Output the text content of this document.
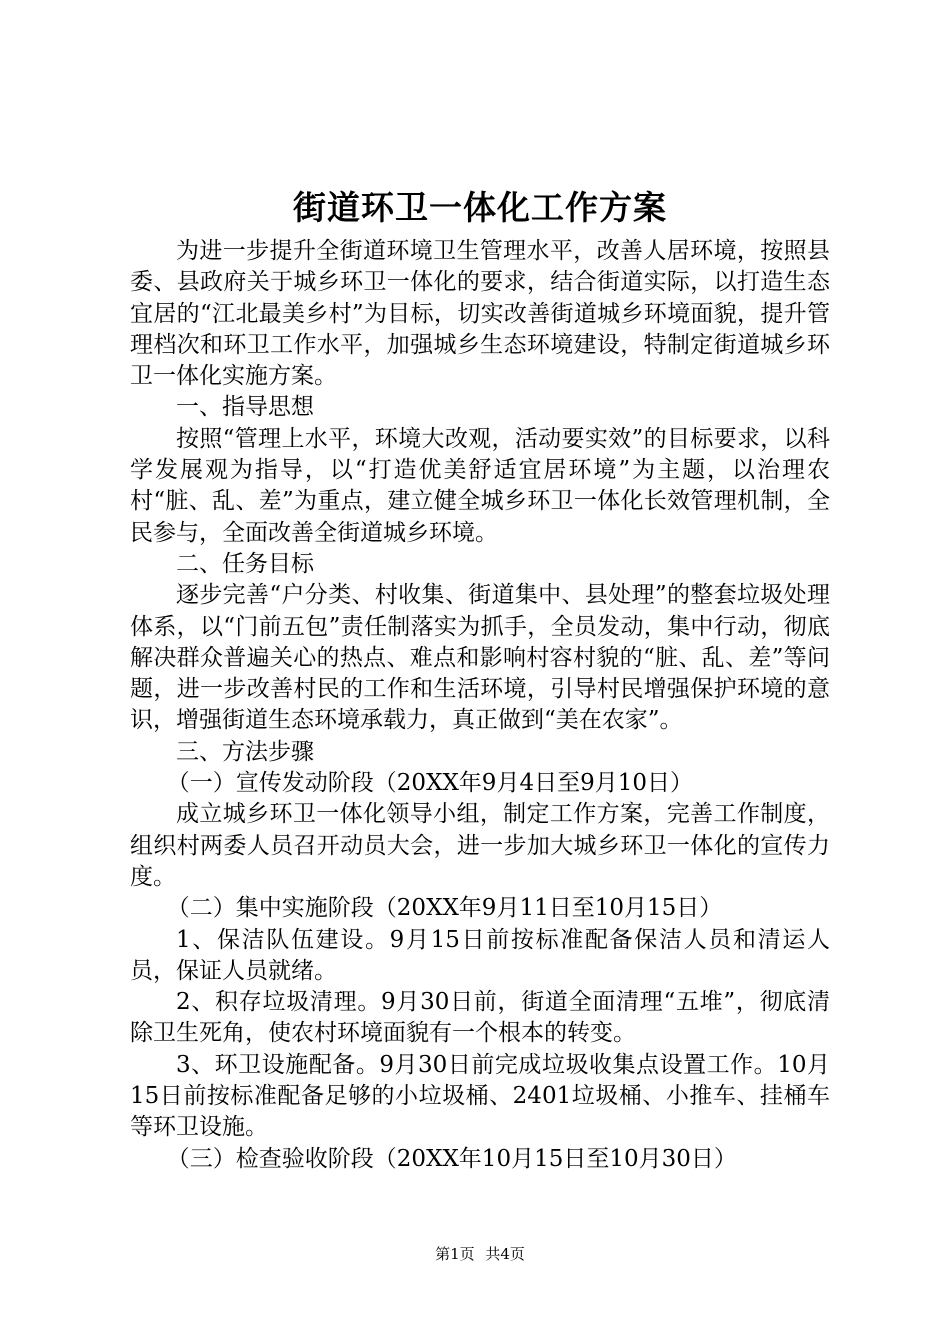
街道环卫一体化工作方案

为进一步提升全街道环境卫生管理水平，改善人居环境，按照县委、县政府关于城乡环卫一体化的要求，结合街道实际，以打造生态宜居的“江北最美乡村”为目标，切实改善街道城乡环境面貌，提升管理档次和环卫工作水平，加强城乡生态环境建设，特制定街道城乡环卫一体化实施方案。

一、指导思想

按照“管理上水平，环境大改观，活动要实效”的目标要求，以科学发展观为指导，以“打造优美舒适宜居环境”为主题，以治理农村“脏、乱、差”为重点，建立健全城乡环卫一体化长效管理机制，全民参与，全面改善全街道城乡环境。

二、任务目标

逐步完善“户分类、村收集、街道集中、县处理”的整套垃圾处理体系，以“门前五包”责任制落实为抓手，全员发动，集中行动，彻底解决群众普遍关心的热点、难点和影响村容村貌的“脏、乱、差”等问题，进一步改善村民的工作和生活环境，引导村民增强保护环境的意识，增强街道生态环境承载力，真正做到“美在农家”。

三、方法步骤

（一）宣传发动阶段（20XX年9月4日至9月10日）

成立城乡环卫一体化领导小组，制定工作方案，完善工作制度，组织村两委人员召开动员大会，进一步加大城乡环卫一体化的宣传力度。

（二）集中实施阶段（20XX年9月11日至10月15日）

1、保洁队伍建设。9月15日前按标准配备保洁人员和清运人员，保证人员就绪。

2、积存垃圾清理。9月30日前，街道全面清理“五堆”，彻底清除卫生死角，使农村环境面貌有一个根本的转变。

3、环卫设施配备。9月30日前完成垃圾收集点设置工作。10月15日前按标准配备足够的小垃圾桶、2401垃圾桶、小推车、挂桶车等环卫设施。

（三）检查验收阶段（20XX年10月15日至10月30日）

第1页 共4页
